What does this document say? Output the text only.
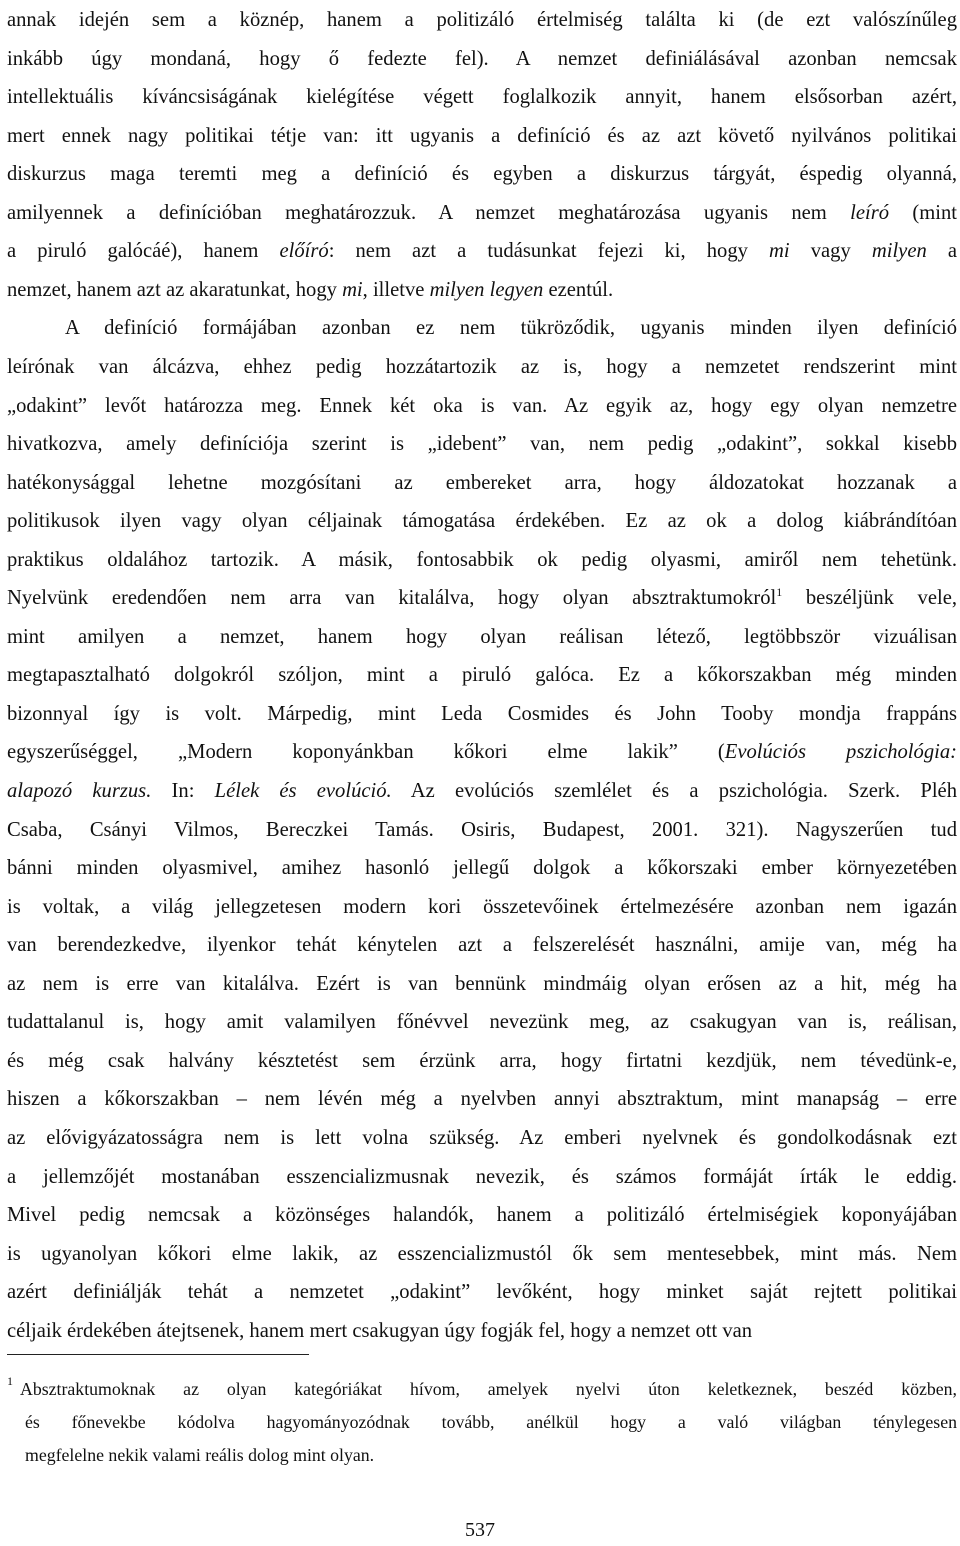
annak idején sem a köznép, hanem a politizáló értelmiség találta ki (de ezt valószínűleg
inkább úgy mondaná, hogy ő fedezte fel). A nemzet definiálásával azonban nemcsak
intellektuális kíváncsiságának kielégítése végett foglalkozik annyit, hanem elsősorban azért,
mert ennek nagy politikai tétje van: itt ugyanis a definíció és az azt követő nyilvános politikai
diskurzus maga teremti meg a definíció és egyben a diskurzus tárgyát, éspedig olyanná,
amilyennek a definícióban meghatározzuk. A nemzet meghatározása ugyanis nem leíró (mint
a piruló galócáé), hanem előíró: nem azt a tudásunkat fejezi ki, hogy mi vagy milyen a
nemzet, hanem azt az akaratunkat, hogy mi, illetve milyen legyen ezentúl.
A definíció formájában azonban ez nem tükröződik, ugyanis minden ilyen definíció
leírónak van álcázva, ehhez pedig hozzátartozik az is, hogy a nemzetet rendszerint mint
„odakint” levőt határozza meg. Ennek két oka is van. Az egyik az, hogy egy olyan nemzetre
hivatkozva, amely definíciója szerint is „idebent” van, nem pedig „odakint”, sokkal kisebb
hatékonysággal lehetne mozgósítani az embereket arra, hogy áldozatokat hozzanak a
politikusok ilyen vagy olyan céljainak támogatása érdekében. Ez az ok a dolog kiábrándítóan
praktikus oldalához tartozik. A másik, fontosabbik ok pedig olyasmi, amiről nem tehetünk.
Nyelvünk eredendően nem arra van kitalálva, hogy olyan absztraktumokról$^1$ beszéljünk vele,
mint amilyen a nemzet, hanem hogy olyan reálisan létező, legtöbbször vizuálisan
megtapasztalható dolgokról szóljon, mint a piruló galóca. Ez a kőkorszakban még minden
bizonnyal így is volt. Márpedig, mint Leda Cosmides és John Tooby mondja frappáns
egyszerűséggel, „Modern koponyánkban kőkori elme lakik” (Evolúciós pszichológia:
alapozó kurzus. In: Lélek és evolúció. Az evolúciós szemlélet és a pszichológia. Szerk. Pléh
Csaba, Csányi Vilmos, Bereczkei Tamás. Osiris, Budapest, 2001. 321). Nagyszerűen tud
bánni minden olyasmivel, amihez hasonló jellegű dolgok a kőkorszaki ember környezetében
is voltak, a világ jellegzetesen modern kori összetevőinek értelmezésére azonban nem igazán
van berendezkedve, ilyenkor tehát kénytelen azt a felszerelését használni, amije van, még ha
az nem is erre van kitalálva. Ezért is van bennünk mindmáig olyan erősen az a hit, még ha
tudattalanul is, hogy amit valamilyen főnévvel nevezünk meg, az csakugyan van is, reálisan,
és még csak halvány késztetést sem érzünk arra, hogy firtatni kezdjük, nem tévedünk-e,
hiszen a kőkorszakban – nem lévén még a nyelvben annyi absztraktum, mint manapság – erre
az elővigyázatosságra nem is lett volna szükség. Az emberi nyelvnek és gondolkodásnak ezt
a jellemzőjét mostanában esszencializmusnak nevezik, és számos formáját írták le eddig.
Mivel pedig nemcsak a közönséges halandók, hanem a politizáló értelmiségiek koponyájában
is ugyanolyan kőkori elme lakik, az esszencializmustól ők sem mentesebbek, mint más. Nem
azért definiálják tehát a nemzetet „odakint” levőként, hogy minket saját rejtett politikai
céljaik érdekében átejtsenek, hanem mert csakugyan úgy fogják fel, hogy a nemzet ott van
1 Absztraktumoknak az olyan kategóriákat hívom, amelyek nyelvi úton keletkeznek, beszéd közben,
és főnevekbe kódolva hagyományozódnak tovább, anélkül hogy a való világban ténylegesen
megfelelne nekik valami reális dolog mint olyan.
537
